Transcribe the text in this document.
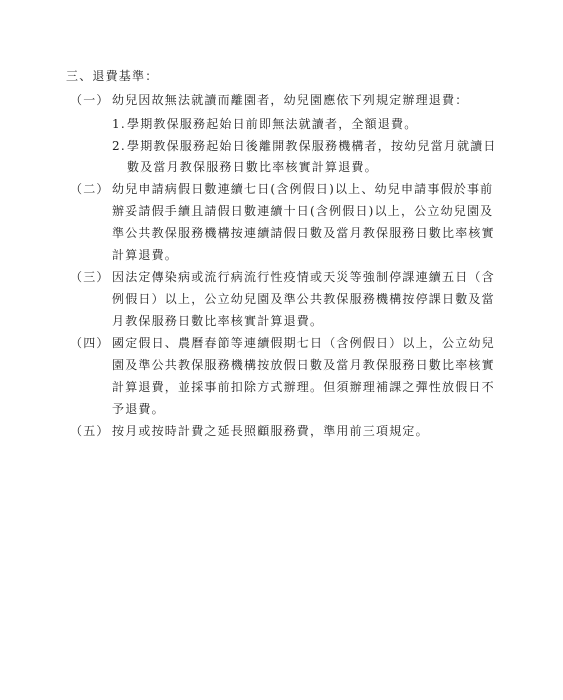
三、退費基準：
（一） 幼兒因故無法就讀而離園者，幼兒園應依下列規定辦理退費：
1. 學期教保服務起始日前即無法就讀者，全額退費。
2. 學期教保服務起始日後離開教保服務機構者，按幼兒當月就讀日
數及當月教保服務日數比率核實計算退費。
（二） 幼兒申請病假日數連續七日(含例假日)以上、幼兒申請事假於事前
辦妥請假手續且請假日數連續十日(含例假日)以上，公立幼兒園及
準公共教保服務機構按連續請假日數及當月教保服務日數比率核實
計算退費。
（三） 因法定傳染病或流行病流行性疫情或天災等強制停課連續五日（含
例假日）以上，公立幼兒園及準公共教保服務機構按停課日數及當
月教保服務日數比率核實計算退費。
（四） 國定假日、農曆春節等連續假期七日（含例假日）以上，公立幼兒
園及準公共教保服務機構按放假日數及當月教保服務日數比率核實
計算退費，並採事前扣除方式辦理。但須辦理補課之彈性放假日不
予退費。
（五） 按月或按時計費之延長照顧服務費，準用前三項規定。
